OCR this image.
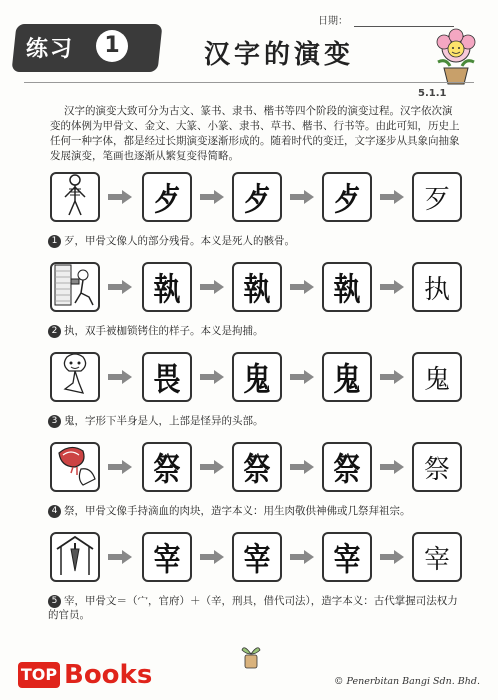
日期：
练习	1	汉字的演变
5.1.1

汉字的演变大致可分为古文、篆书、隶书、楷书等四个阶段的演变过程。汉字依次演变的体例为甲骨文、金文、大篆、小篆、隶书、草书、楷书、行书等。由此可知，历史上任何一种字体，都是经过长期演变逐渐形成的。随着时代的变迁，文字逐步从具象向抽象发展演变，笔画也逐渐从繁复变得简略。

歺 歺 歺 歹
1 歹，甲骨文像人的部分残骨。本义是死人的骸骨。
執 執 執 执
2 执，双手被枷锁铐住的样子。本义是拘捕。
畏 鬼 鬼 鬼
3 鬼，字形下半身是人，上部是怪异的头部。
祭 祭 祭 祭
4 祭，甲骨文像手持滴血的肉块，造字本义：用生肉敬供神佛或几祭拜祖宗。
宰 宰 宰 宰
5 宰，甲骨文＝（宀，官府）＋（辛，刑具，借代司法），造字本义：古代掌握司法权力的官员。
TOP Books	© Penerbitan Bangi Sdn. Bhd.
